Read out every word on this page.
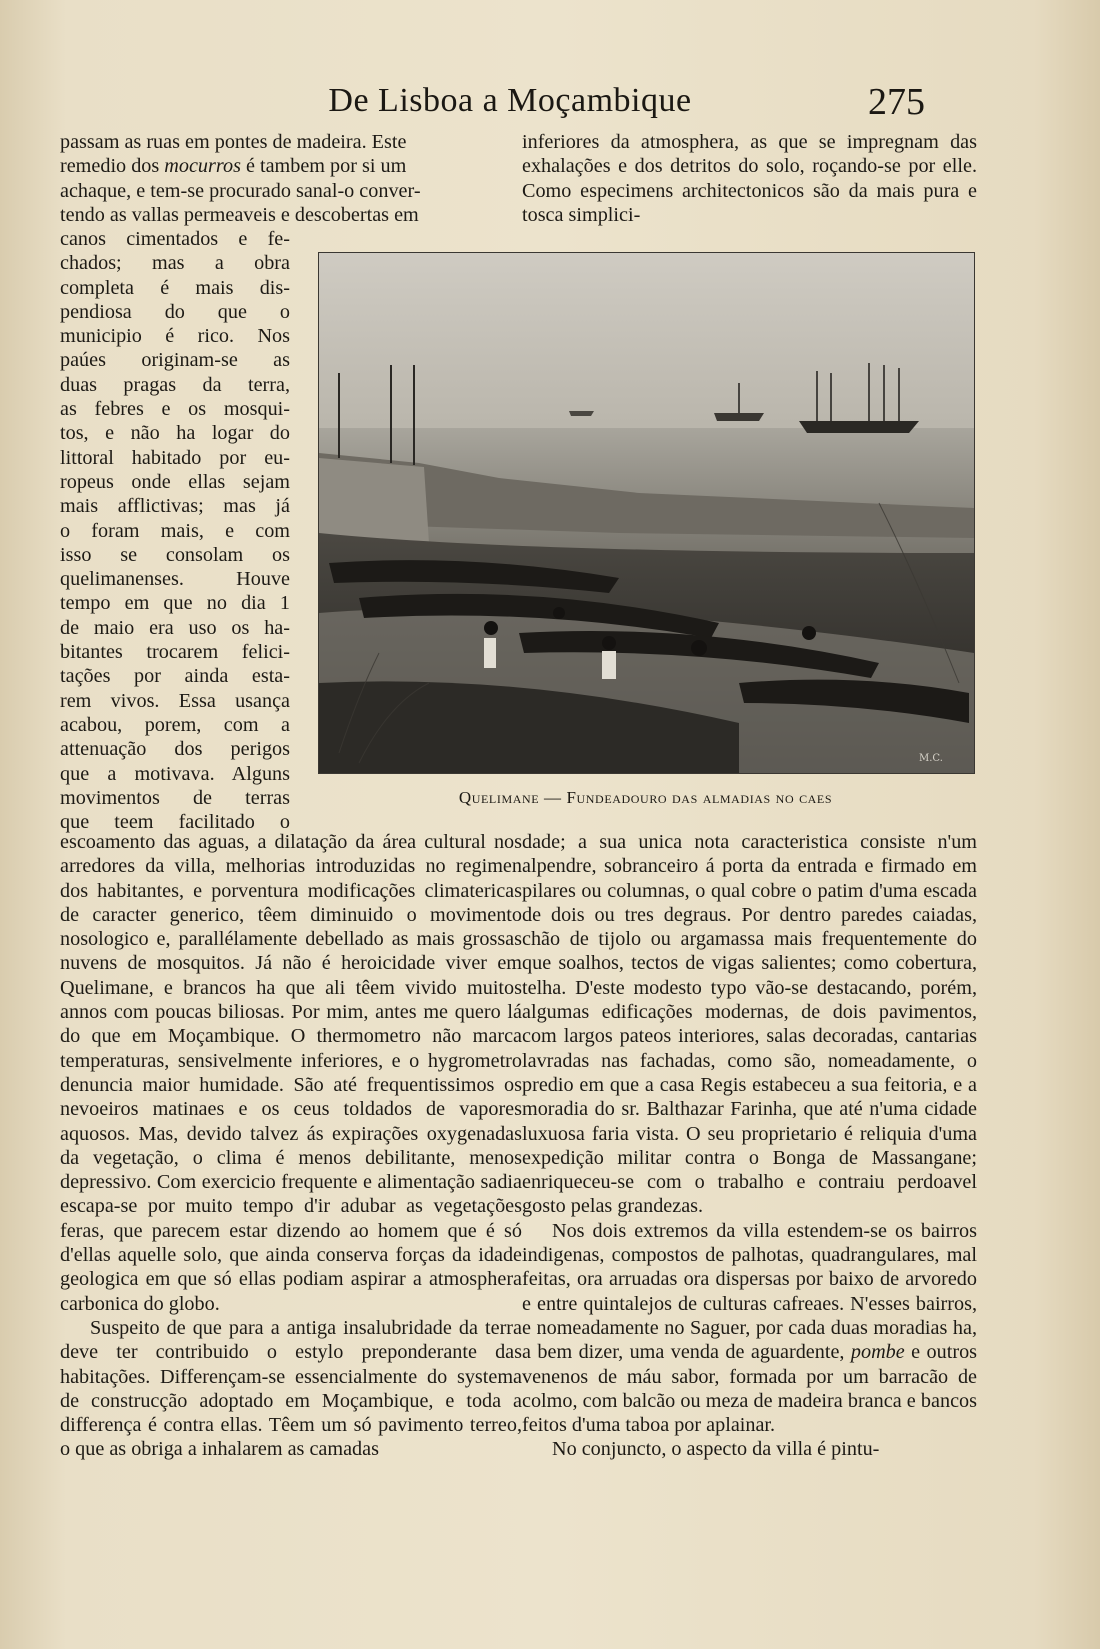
De Lisboa a Moçambique	275

passam as ruas em pontes de madeira. Este

remedio dos mocurros é tambem por si um

achaque, e tem-se procurado sanal-o conver-

tendo as vallas permeaveis e descobertas em

canos cimentados e fe-

chados; mas a obra

completa é mais dis-

pendiosa do que o

municipio é rico. Nos

paúes originam-se as

duas pragas da terra,

as febres e os mosqui-

tos, e não ha logar do

littoral habitado por eu-

ropeus onde ellas sejam

mais afflictivas; mas já

o foram mais, e com

isso se consolam os

quelimanenses. Houve

tempo em que no dia 1

de maio era uso os ha-

bitantes trocarem felici-

tações por ainda esta-

rem vivos. Essa usança

acabou, porem, com a

attenuação dos perigos

que a motivava. Alguns

movimentos de terras

que teem facilitado o

inferiores da atmosphera, as que se impregnam das exhalações e dos detritos do solo, roçando-se por elle. Como especimens architectonicos são da mais pura e tosca simplici-

M.C.
Quelimane — Fundeadouro das almadias no caes

escoamento das aguas, a dilatação da área cultural nos arredores da villa, melhorias introduzidas no regimen dos habitantes, e porventura modificações climatericas de caracter generico, têem diminuido o movimento nosologico e, parallélamente debellado as mais grossas nuvens de mosquitos. Já não é heroicidade viver em Quelimane, e brancos ha que ali têem vivido muitos annos com poucas biliosas. Por mim, antes me quero lá do que em Moçambique. O thermometro não marca temperaturas, sensivelmente inferiores, e o hygrometro denuncia maior humidade. São até frequentissimos os nevoeiros matinaes e os ceus toldados de vapores aquosos. Mas, devido talvez ás expirações oxygenadas da vegetação, o clima é menos debilitante, menos depressivo. Com exercicio frequente e alimentação sadia escapa-se por muito tempo d'ir adubar as vegetações feras, que parecem estar dizendo ao homem que é só d'ellas aquelle solo, que ainda conserva forças da idade geologica em que só ellas podiam aspirar a atmosphera carbonica do globo.

Suspeito de que para a antiga insalubridade da terra deve ter contribuido o estylo preponderante das habitações. Differençam-se essencialmente do systema de construcção adoptado em Moçambique, e toda a differença é contra ellas. Têem um só pavimento terreo, o que as obriga a inhalarem as camadas

dade; a sua unica nota caracteristica consiste n'um alpendre, sobranceiro á porta da entrada e firmado em pilares ou columnas, o qual cobre o patim d'uma escada de dois ou tres degraus. Por dentro paredes caiadas, chão de tijolo ou argamassa mais frequentemente do que soalhos, tectos de vigas salientes; como cobertura, telha. D'este modesto typo vão-se destacando, porém, algumas edificações modernas, de dois pavimentos, com largos pateos interiores, salas decoradas, cantarias lavradas nas fachadas, como são, nomeadamente, o predio em que a casa Regis estabeceu a sua feitoria, e a moradia do sr. Balthazar Farinha, que até n'uma cidade luxuosa faria vista. O seu proprietario é reliquia d'uma expedição militar contra o Bonga de Massangane; enriqueceu-se com o trabalho e contraiu perdoavel gosto pelas grandezas.

Nos dois extremos da villa estendem-se os bairros indigenas, compostos de palhotas, quadrangulares, mal feitas, ora arruadas ora dispersas por baixo de arvoredo e entre quintalejos de culturas cafreaes. N'esses bairros, e nomeadamente no Saguer, por cada duas moradias ha, a bem dizer, uma venda de aguardente, pombe e outros venenos de máu sabor, formada por um barracão de colmo, com balcão ou meza de madeira branca e bancos feitos d'uma taboa por aplainar.

No conjuncto, o aspecto da villa é pintu-
